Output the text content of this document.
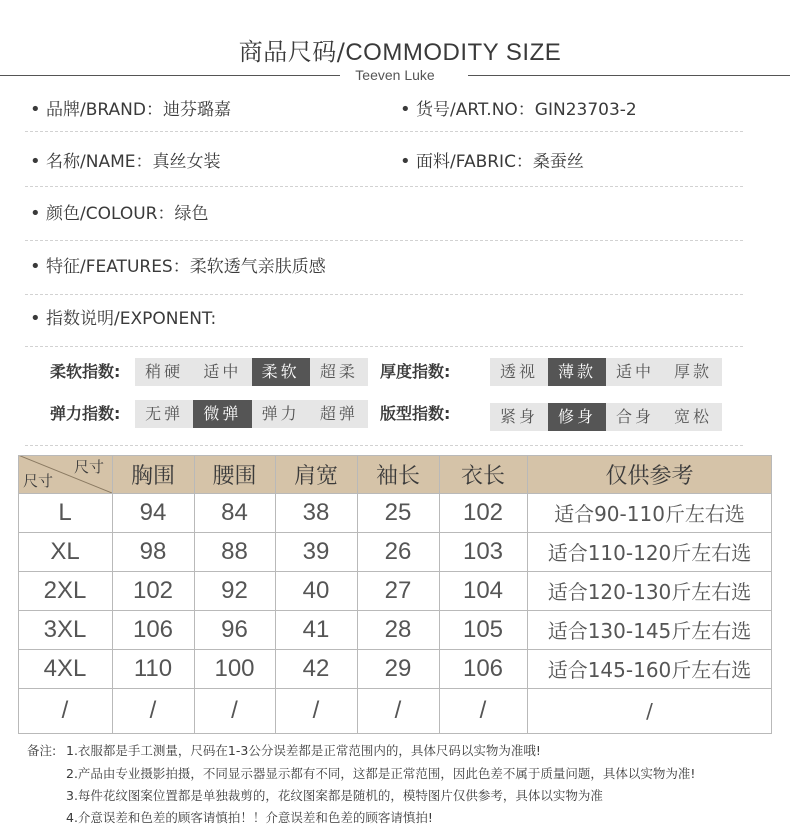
商品尺码/COMMODITY SIZE
Teeven Luke
• 品牌/BRAND：迪芬璐嘉	• 货号/ART.NO：GIN23703-2
• 名称/NAME：真丝女装	• 面料/FABRIC：桑蚕丝
• 颜色/COLOUR：绿色
• 特征/FEATURES：柔软透气亲肤质感
• 指数说明/EXPONENT:
柔软指数:	稍硬	适中	柔软	超柔	厚度指数:	透视	薄款	适中	厚款
弹力指数:	无弹	微弹	弹力	超弹	版型指数:	紧身	修身	合身	宽松
尺寸
尺寸	胸围	腰围	肩宽	袖长	衣长	仅供参考
L	94	84	38	25	102	适合90-110斤左右选
XL	98	88	39	26	103	适合110-120斤左右选
2XL	102	92	40	27	104	适合120-130斤左右选
3XL	106	96	41	28	105	适合130-145斤左右选
4XL	110	100	42	29	106	适合145-160斤左右选
/	/	/	/	/	/	/
备注: 1.衣服都是手工测量，尺码在1-3公分误差都是正常范围内的，具体尺码以实物为准哦!
2.产品由专业摄影拍摄，不同显示器显示都有不同，这都是正常范围，因此色差不属于质量问题，具体以实物为准!
3.每件花纹图案位置都是单独裁剪的，花纹图案都是随机的，模特图片仅供参考，具体以实物为准
4.介意误差和色差的顾客请慎拍！！介意误差和色差的顾客请慎拍!
